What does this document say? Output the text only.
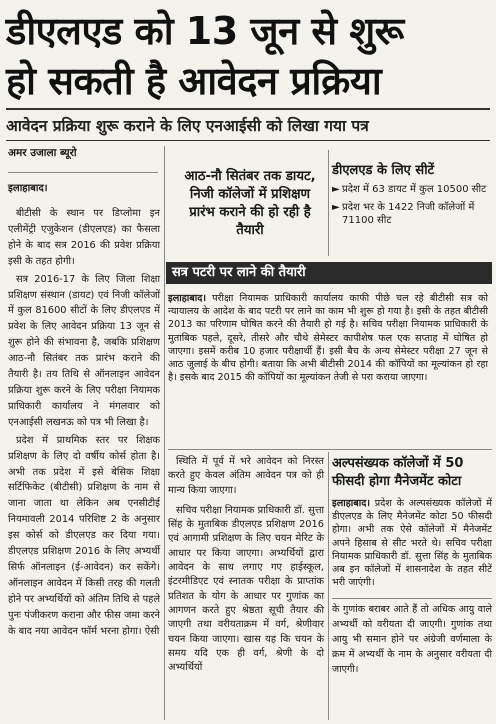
डीएलएड को 13 जून से शुरू
हो सकती है आवेदन प्रक्रिया
आवेदन प्रक्रिया शुरू कराने के लिए एनआईसी को लिखा गया पत्र
अमर उजाला ब्यूरो
इलाहाबाद।

बीटीसी के स्थान पर डिप्लोमा इन एलीमेंट्री एजुकेशन (डीएलएड) का फैसला होने के बाद सत्र 2016 की प्रवेश प्रक्रिया इसी के तहत होगी।

सत्र 2016-17 के लिए जिला शिक्षा प्रशिक्षण संस्थान (डायट) एवं निजी कॉलेजों में कुल 81600 सीटों के लिए डीएलएड में प्रवेश के लिए आवेदन प्रक्रिया 13 जून से शुरू होने की संभावना है, जबकि प्रशिक्षण आठ-नौ सितंबर तक प्रारंभ कराने की तैयारी है। तय तिथि से ऑनलाइन आवेदन प्रक्रिया शुरू करने के लिए परीक्षा नियामक प्राधिकारी कार्यालय ने मंगलवार को एनआईसी लखनऊ को पत्र भी लिखा है।

प्रदेश में प्राथमिक स्तर पर शिक्षक प्रशिक्षण के लिए दो वर्षीय कोर्स होता है। अभी तक प्रदेश में इसे बेसिक शिक्षा सर्टिफिकेट (बीटीसी) प्रशिक्षण के नाम से जाना जाता था लेकिन अब एनसीटीई नियमावली 2014 परिशिष्ट 2 के अनुसार इस कोर्स को डीएलएड कर दिया गया। डीएलएड प्रशिक्षण 2016 के लिए अभ्यर्थी सिर्फ ऑनलाइन (ई-आवेदन) कर सकेंगे। ऑनलाइन आवेदन में किसी तरह की गलती होने पर अभ्यर्थियों को अंतिम तिथि से पहले पुनः पंजीकरण कराना और फीस जमा करने के बाद नया आवेदन फॉर्म भरना होगा। ऐसी

आठ-नौ सितंबर तक डायट, निजी कॉलेजों में प्रशिक्षण प्रारंभ कराने की हो रही है तैयारी
डीएलएड के लिए सीटें
► प्रदेश में 63 डायट में कुल 10500 सीट
► प्रदेश भर के 1422 निजी कॉलेजों में 71100 सीट
सत्र पटरी पर लाने की तैयारी
इलाहाबाद। परीक्षा नियामक प्राधिकारी कार्यालय काफी पीछे चल रहे बीटीसी सत्र को न्यायालय के आदेश के बाद पटरी पर लाने का काम भी शुरू हो गया है। इसी के तहत बीटीसी 2013 का परिणाम घोषित करने की तैयारी हो गई है। सचिव परीक्षा नियामक प्राधिकारी के मुताबिक पहले, दूसरे, तीसरे और चौथे सेमेस्टर कापीशेष फल एक सप्ताह में घोषित हो जाएगा। इसमें करीब 10 हजार परीक्षार्थी हैं। इसी बैच के अन्य सेमेस्टर परीक्षा 27 जून से आठ जुलाई के बीच होगी। बताया कि अभी बीटीसी 2014 की कॉपियों का मूल्यांकन हो रहा है। इसके बाद 2015 की कॉपियों का मूल्यांकन तेजी से परा कराया जाएगा।

स्थिति में पूर्व में भरे आवेदन को निरस्त करते हुए केवल अंतिम आवेदन पत्र को ही मान्य किया जाएगा।

सचिव परीक्षा नियामक प्राधिकारी डॉ. सुत्ता सिंह के मुताबिक डीएलएड प्रशिक्षण 2016 एवं आगामी प्रशिक्षण के लिए चयन मेरिट के आधार पर किया जाएगा। अभ्यर्थियों द्वारा आवेदन के साथ लगाए गए हाईस्कूल, इंटरमीडिएट एवं स्नातक परीक्षा के प्राप्तांक प्रतिशत के योग के आधार पर गुणांक का आगणन करते हुए श्रेष्ठता सूची तैयार की जाएगी तथा वरीयताक्रम में वर्ग, श्रेणीवार चयन किया जाएगा। खास यह कि चयन के समय यदि एक ही वर्ग, श्रेणी के दो अभ्यर्थियों

अल्पसंख्यक कॉलेजों में 50 फीसदी होगा मैनेजमेंट कोटा
इलाहाबाद। प्रदेश के अल्पसंख्यक कॉलेजों में डीएलएड के लिए मैनेजमेंट कोटा 50 फीसदी होगा। अभी तक ऐसे कॉलेजों में मैनेजमेंट अपने हिसाब से सीट भरते थे। सचिव परीक्षा नियामक प्राधिकारी डॉ. सुत्ता सिंह के मुताबिक अब इन कॉलेजों में शासनादेश के तहत सीटें भरी जाएंगी।
के गुणांक बराबर आते हैं तो अधिक आयु वाले अभ्यर्थी को वरीयता दी जाएगी। गुणांक तथा आयु भी समान होने पर अंग्रेजी वर्णमाला के क्रम में अभ्यर्थी के नाम के अनुसार वरीयता दी जाएगी।
